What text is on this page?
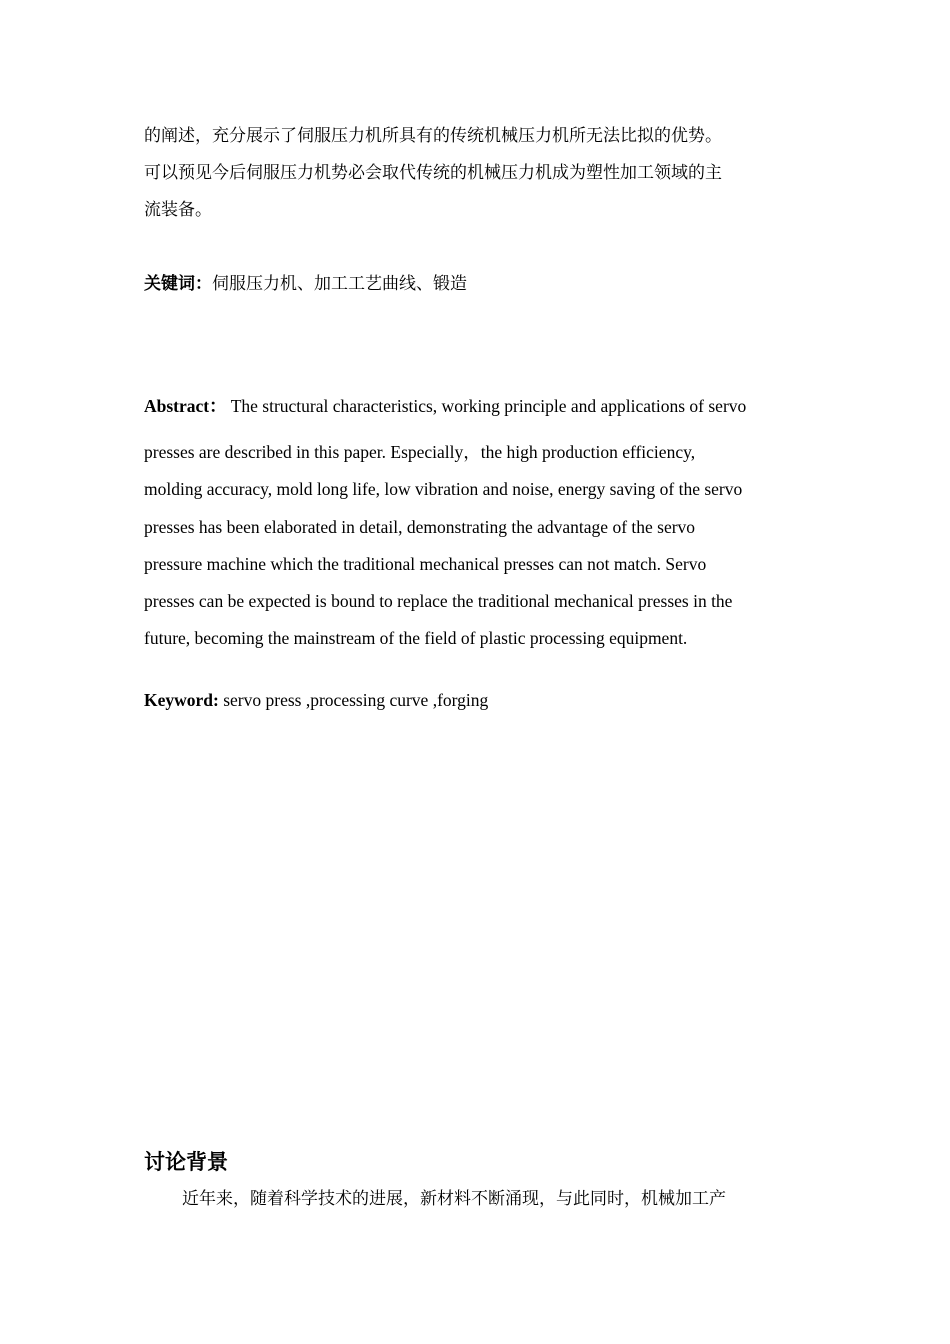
的阐述，充分展示了伺服压力机所具有的传统机械压力机所无法比拟的优势。

可以预见今后伺服压力机势必会取代传统的机械压力机成为塑性加工领域的主

流装备。

关键词：伺服压力机、加工工艺曲线、锻造
Abstract： The structural characteristics, working principle and applications of servo

presses are described in this paper. Especially，the high production efficiency,

molding accuracy, mold long life, low vibration and noise, energy saving of the servo

presses has been elaborated in detail, demonstrating the advantage of the servo

pressure machine which the traditional mechanical presses can not match. Servo

presses can be expected is bound to replace the traditional mechanical presses in the

future, becoming the mainstream of the field of plastic processing equipment.

Keyword: servo press ,processing curve ,forging
讨论背景
近年来，随着科学技术的进展，新材料不断涌现，与此同时，机械加工产
